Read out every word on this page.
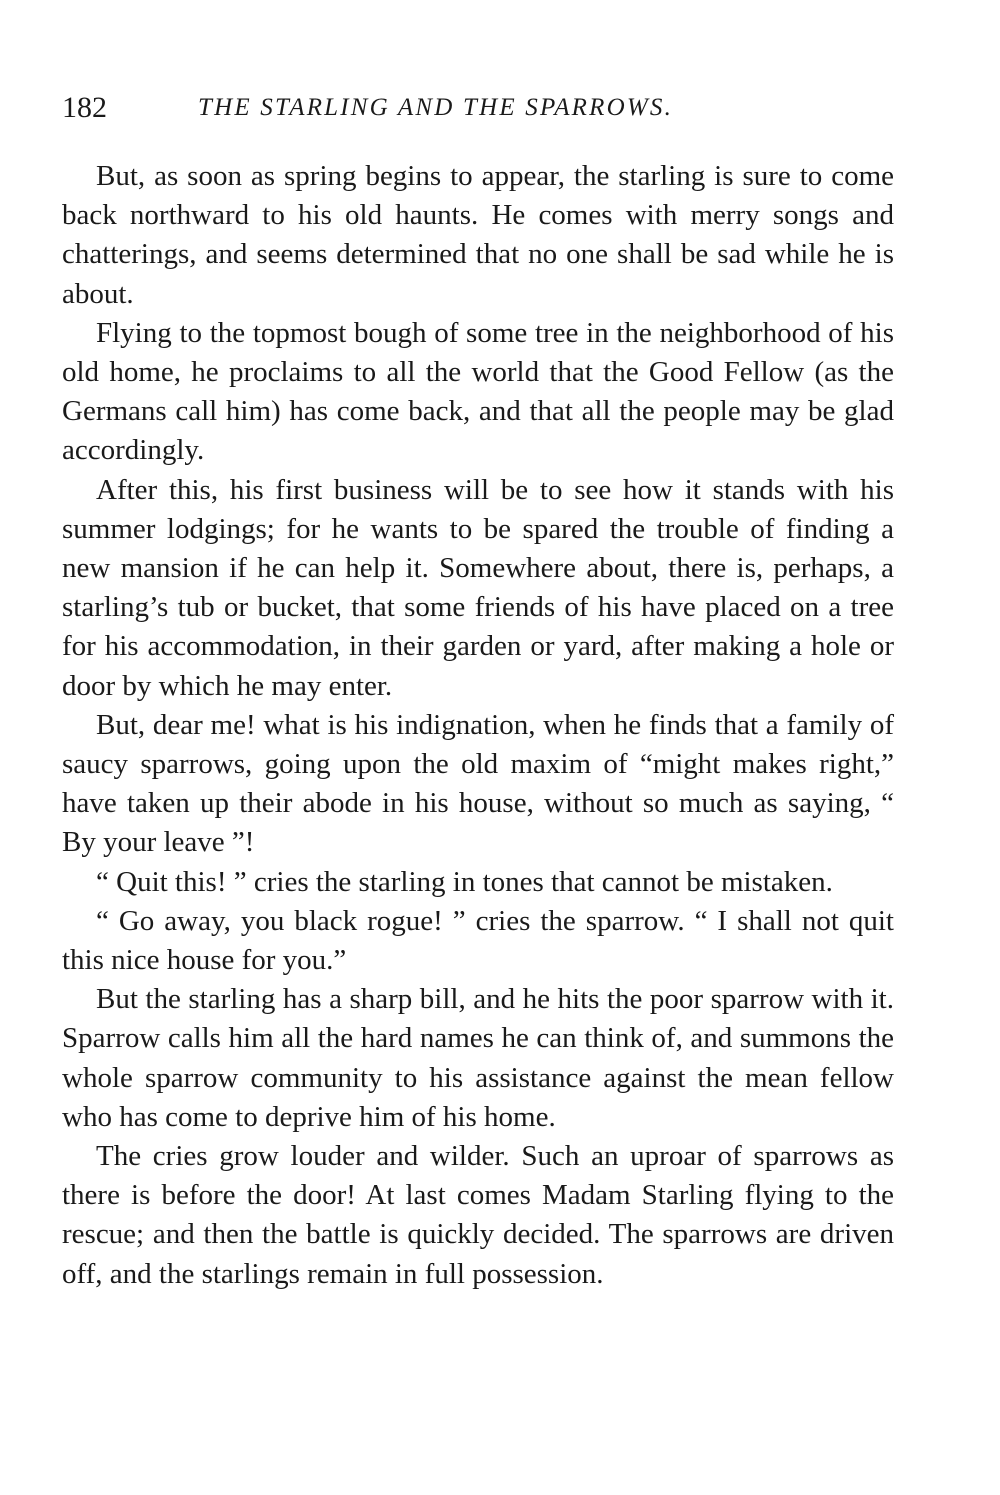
182	THE STARLING AND THE SPARROWS.

But, as soon as spring begins to appear, the starling is sure to come back northward to his old haunts. He comes with merry songs and chatterings, and seems determined that no one shall be sad while he is about.

Flying to the topmost bough of some tree in the neighborhood of his old home, he proclaims to all the world that the Good Fellow (as the Germans call him) has come back, and that all the people may be glad accordingly.

After this, his first business will be to see how it stands with his summer lodgings; for he wants to be spared the trouble of finding a new mansion if he can help it. Somewhere about, there is, perhaps, a starling’s tub or bucket, that some friends of his have placed on a tree for his accommodation, in their garden or yard, after making a hole or door by which he may enter.

But, dear me! what is his indignation, when he finds that a family of saucy sparrows, going upon the old maxim of “might makes right,” have taken up their abode in his house, without so much as saying, “ By your leave ”!

“ Quit this! ” cries the starling in tones that cannot be mistaken.

“ Go away, you black rogue! ” cries the sparrow. “ I shall not quit this nice house for you.”

But the starling has a sharp bill, and he hits the poor sparrow with it. Sparrow calls him all the hard names he can think of, and summons the whole sparrow community to his assistance against the mean fellow who has come to deprive him of his home.

The cries grow louder and wilder. Such an uproar of sparrows as there is before the door! At last comes Madam Starling flying to the rescue; and then the battle is quickly decided. The sparrows are driven off, and the starlings remain in full possession.
